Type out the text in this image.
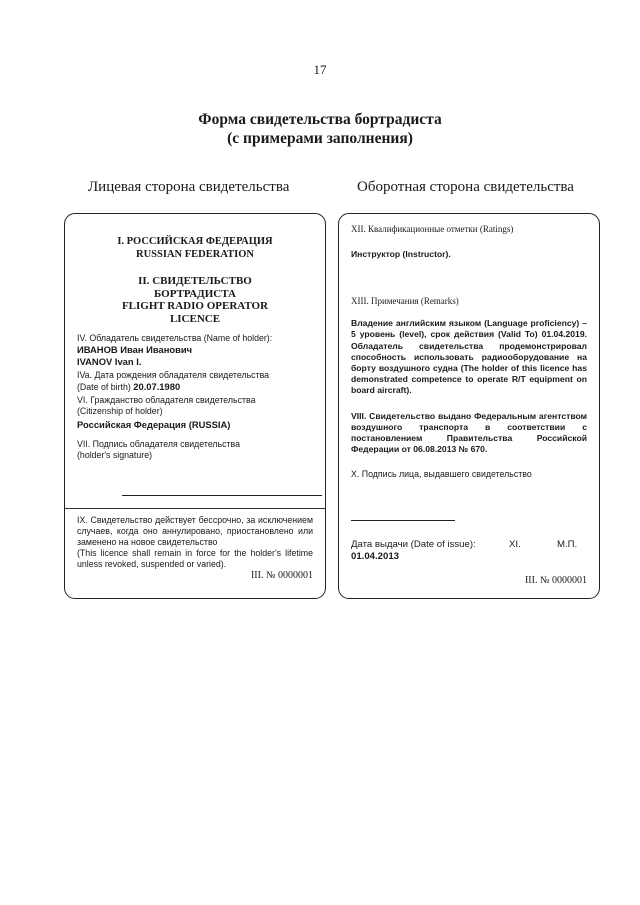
17
Форма свидетельства бортрадиста
(с примерами заполнения)
Лицевая сторона свидетельства	Оборотная сторона свидетельства
I. РОССИЙСКАЯ ФЕДЕРАЦИЯ
RUSSIAN FEDERATION
II. СВИДЕТЕЛЬСТВО
БОРТРАДИСТА
FLIGHT RADIO OPERATOR
LICENCE
IV. Обладатель свидетельства (Name of holder):
ИВАНОВ Иван Иванович
IVANOV Ivan I.
IVa. Дата рождения обладателя свидетельства
(Date of birth) 20.07.1980
VI. Гражданство обладателя свидетельства
(Citizenship of holder)
Российская Федерация (RUSSIA)
VII. Подпись обладателя свидетельства
(holder's signature)
IX. Свидетельство действует бессрочно, за исключением случаев, когда оно аннулировано, приостановлено или заменено на новое свидетельство
(This licence shall remain in force for the holder's lifetime unless revoked, suspended or varied).
III. № 0000001
XII. Квалификационные отметки (Ratings)
Инструктор (Instructor).
XIII. Примечания (Remarks)
Владение английским языком (Language proficiency) – 5 уровень (level), срок действия (Valid To) 01.04.2019. Обладатель свидетельства продемонстрировал способность использовать радиооборудование на борту воздушного судна (The holder of this licence has demonstrated competence to operate R/T equipment on board aircraft).
VIII. Свидетельство выдано Федеральным агентством воздушного транспорта в соответствии с постановлением Правительства Российской Федерации от 06.08.2013 № 670.
X. Подпись лица, выдавшего свидетельство
Дата выдачи (Date of issue):	XI.	М.П.
01.04.2013
III. № 0000001
